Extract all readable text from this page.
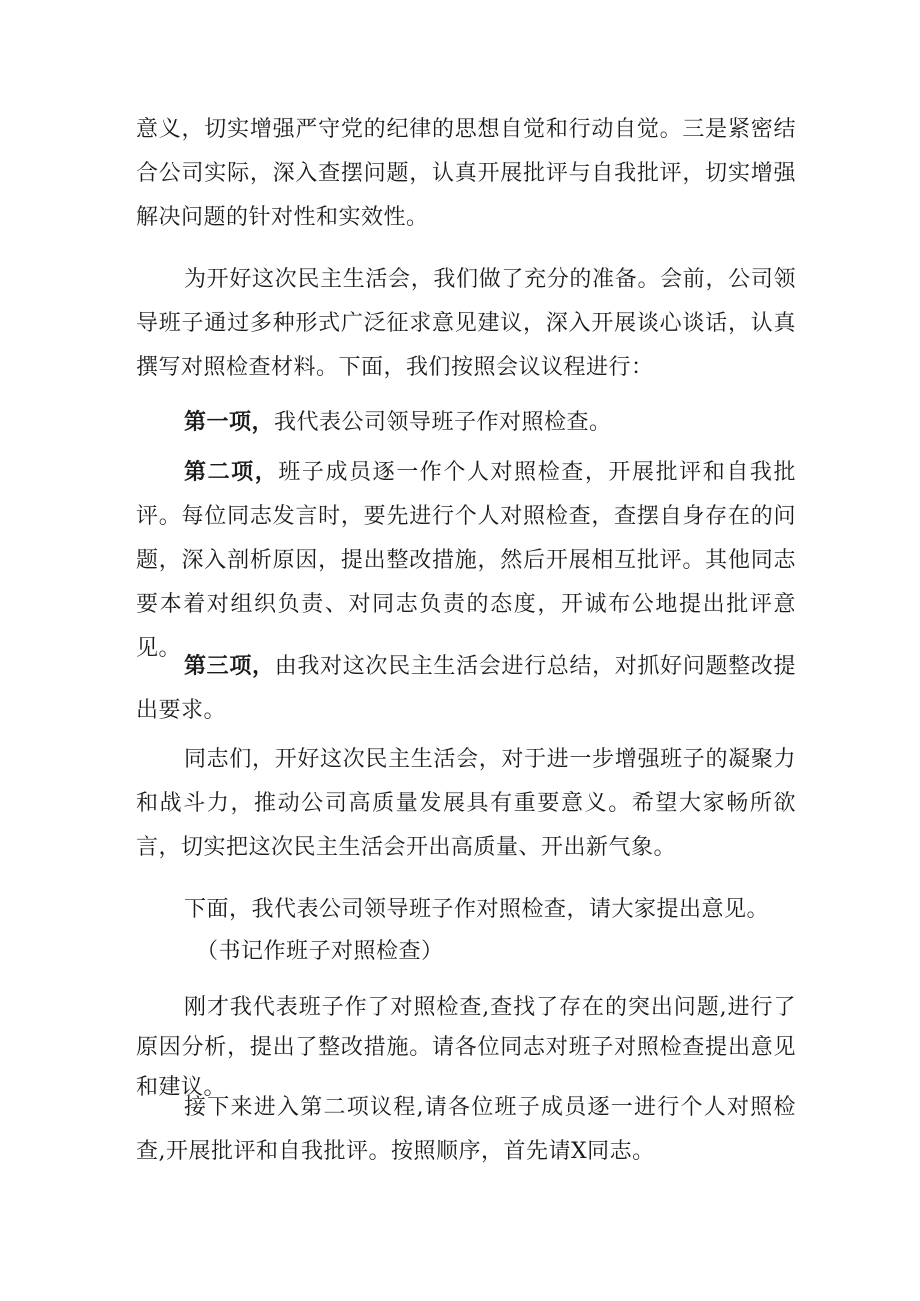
意义，切实增强严守党的纪律的思想自觉和行动自觉。三是紧密结合公司实际，深入查摆问题，认真开展批评与自我批评，切实增强解决问题的针对性和实效性。

为开好这次民主生活会，我们做了充分的准备。会前，公司领导班子通过多种形式广泛征求意见建议，深入开展谈心谈话，认真撰写对照检查材料。下面，我们按照会议议程进行：

第一项，我代表公司领导班子作对照检查。

第二项，班子成员逐一作个人对照检查，开展批评和自我批评。每位同志发言时，要先进行个人对照检查，查摆自身存在的问题，深入剖析原因，提出整改措施，然后开展相互批评。其他同志要本着对组织负责、对同志负责的态度，开诚布公地提出批评意见。

第三项，由我对这次民主生活会进行总结，对抓好问题整改提出要求。

同志们，开好这次民主生活会，对于进一步增强班子的凝聚力和战斗力，推动公司高质量发展具有重要意义。希望大家畅所欲言，切实把这次民主生活会开出高质量、开出新气象。

下面，我代表公司领导班子作对照检查，请大家提出意见。

（书记作班子对照检查）

刚才我代表班子作了对照检查,查找了存在的突出问题,进行了原因分析，提出了整改措施。请各位同志对班子对照检查提出意见和建议。

接下来进入第二项议程,请各位班子成员逐一进行个人对照检查,开展批评和自我批评。按照顺序，首先请X同志。
